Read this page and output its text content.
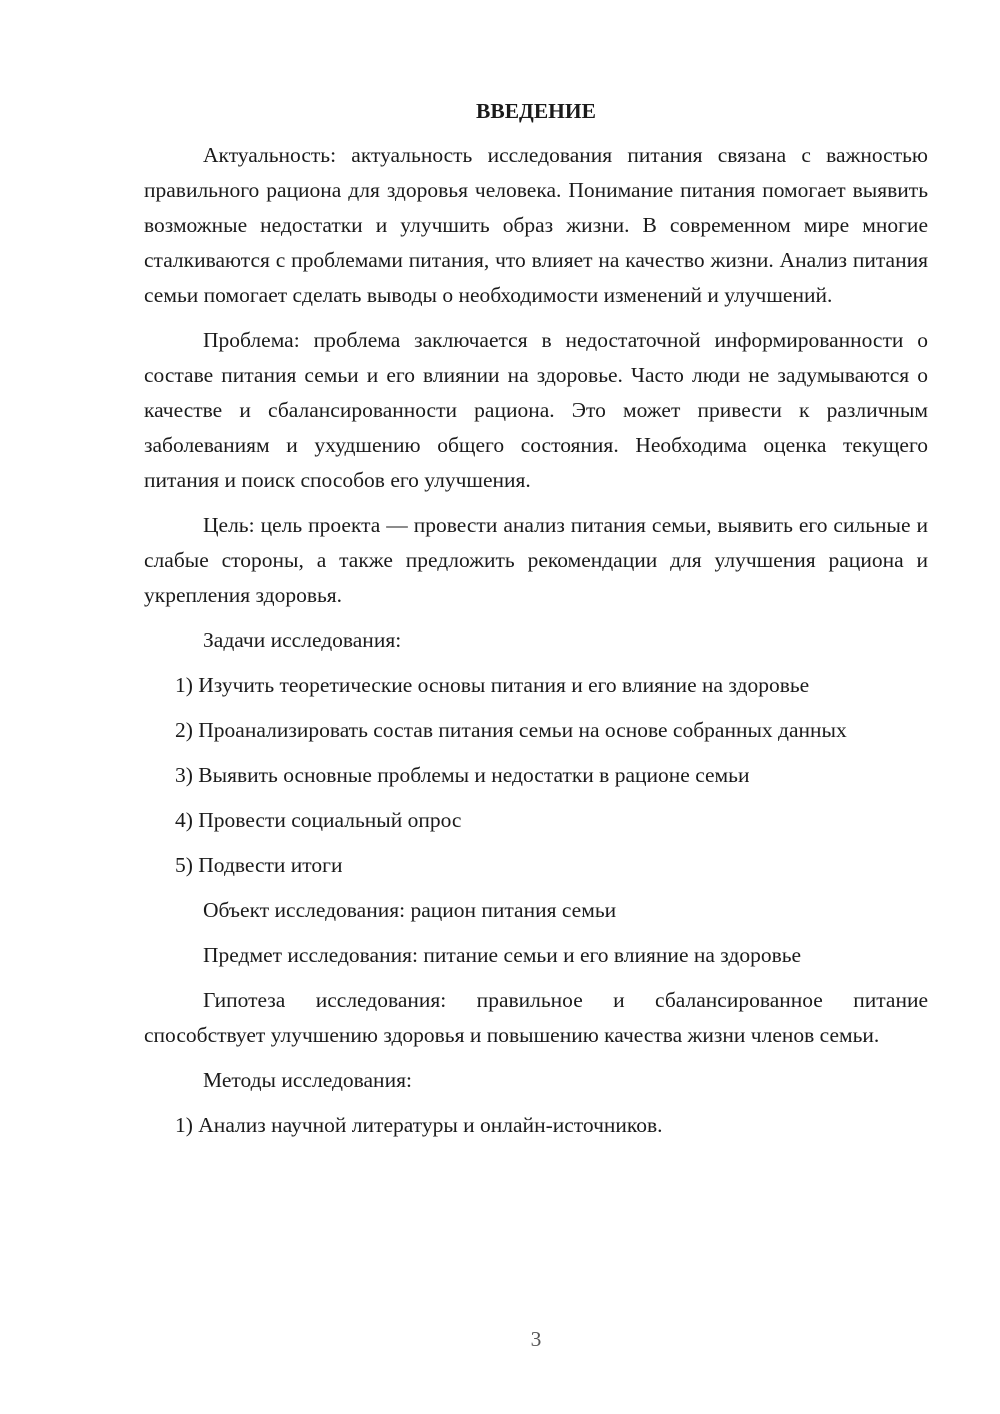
ВВЕДЕНИЕ

Актуальность: актуальность исследования питания связана с важностью правильного рациона для здоровья человека. Понимание питания помогает выявить возможные недостатки и улучшить образ жизни. В современном мире многие сталкиваются с проблемами питания, что влияет на качество жизни. Анализ питания семьи помогает сделать выводы о необходимости изменений и улучшений.

Проблема: проблема заключается в недостаточной информированности о составе питания семьи и его влиянии на здоровье. Часто люди не задумываются о качестве и сбалансированности рациона. Это может привести к различным заболеваниям и ухудшению общего состояния. Необходима оценка текущего питания и поиск способов его улучшения.

Цель: цель проекта — провести анализ питания семьи, выявить его сильные и слабые стороны, а также предложить рекомендации для улучшения рациона и укрепления здоровья.

Задачи исследования:

1) Изучить теоретические основы питания и его влияние на здоровье

2) Проанализировать состав питания семьи на основе собранных данных

3) Выявить основные проблемы и недостатки в рационе семьи

4) Провести социальный опрос

5) Подвести итоги

Объект исследования: рацион питания семьи

Предмет исследования: питание семьи и его влияние на здоровье

Гипотеза исследования: правильное и сбалансированное питание способствует улучшению здоровья и повышению качества жизни членов семьи.

Методы исследования:

1) Анализ научной литературы и онлайн-источников.

3
